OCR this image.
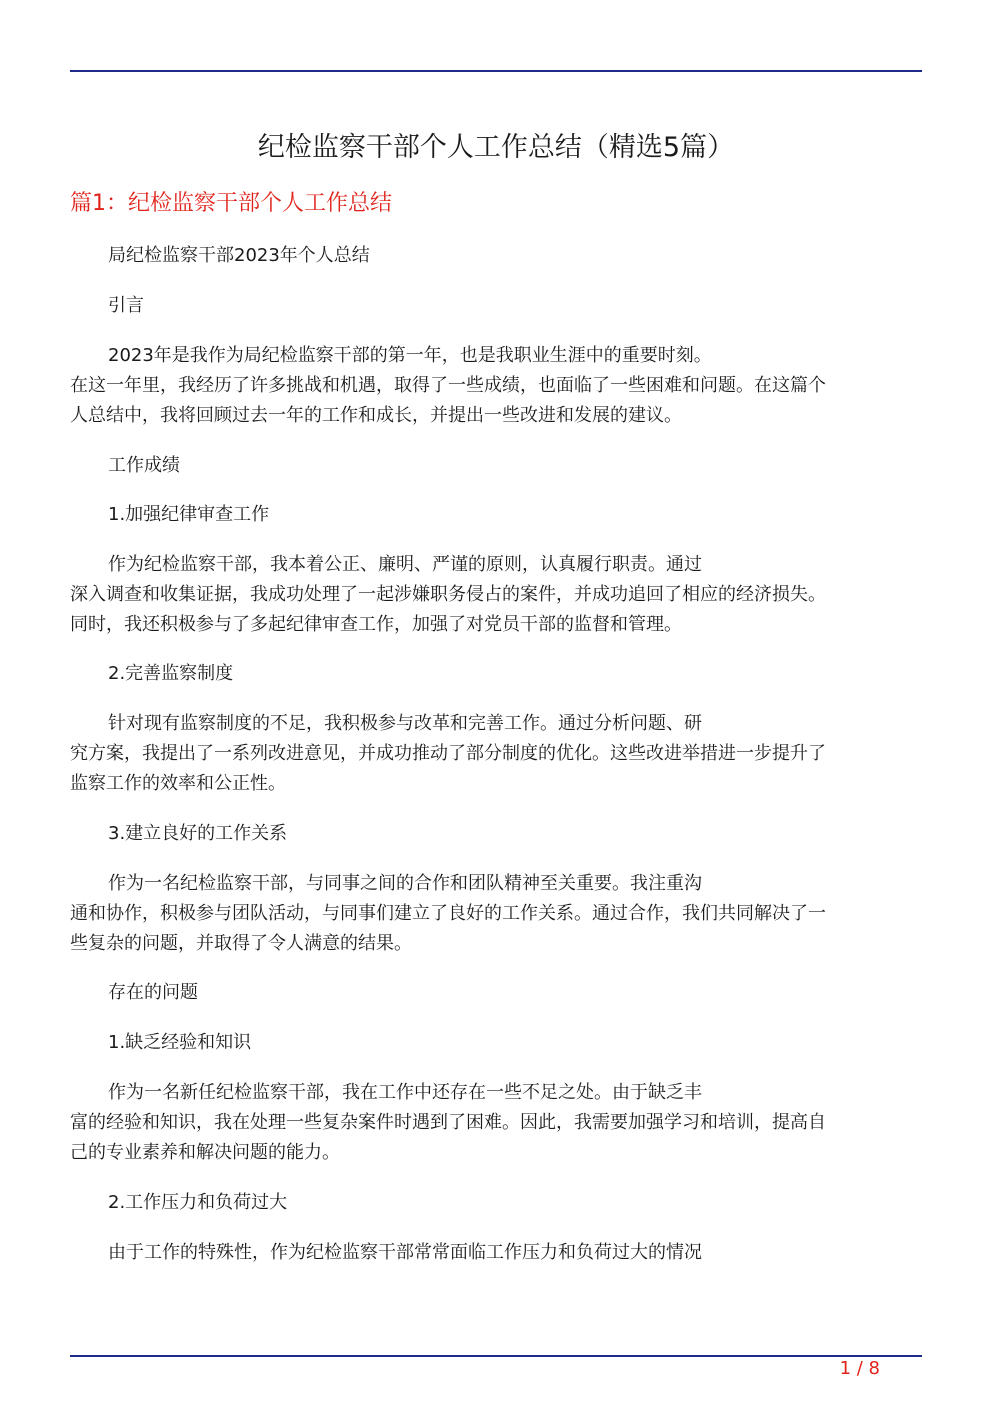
纪检监察干部个人工作总结（精选5篇）
篇1：纪检监察干部个人工作总结

局纪检监察干部2023年个人总结

引言

2023年是我作为局纪检监察干部的第一年，也是我职业生涯中的重要时刻。
在这一年里，我经历了许多挑战和机遇，取得了一些成绩，也面临了一些困难和问题。在这篇个
人总结中，我将回顾过去一年的工作和成长，并提出一些改进和发展的建议。

工作成绩

1.加强纪律审查工作

作为纪检监察干部，我本着公正、廉明、严谨的原则，认真履行职责。通过
深入调查和收集证据，我成功处理了一起涉嫌职务侵占的案件，并成功追回了相应的经济损失。
同时，我还积极参与了多起纪律审查工作，加强了对党员干部的监督和管理。

2.完善监察制度

针对现有监察制度的不足，我积极参与改革和完善工作。通过分析问题、研
究方案，我提出了一系列改进意见，并成功推动了部分制度的优化。这些改进举措进一步提升了
监察工作的效率和公正性。

3.建立良好的工作关系

作为一名纪检监察干部，与同事之间的合作和团队精神至关重要。我注重沟
通和协作，积极参与团队活动，与同事们建立了良好的工作关系。通过合作，我们共同解决了一
些复杂的问题，并取得了令人满意的结果。

存在的问题

1.缺乏经验和知识

作为一名新任纪检监察干部，我在工作中还存在一些不足之处。由于缺乏丰
富的经验和知识，我在处理一些复杂案件时遇到了困难。因此，我需要加强学习和培训，提高自
己的专业素养和解决问题的能力。

2.工作压力和负荷过大

由于工作的特殊性，作为纪检监察干部常常面临工作压力和负荷过大的情况

1 / 8
